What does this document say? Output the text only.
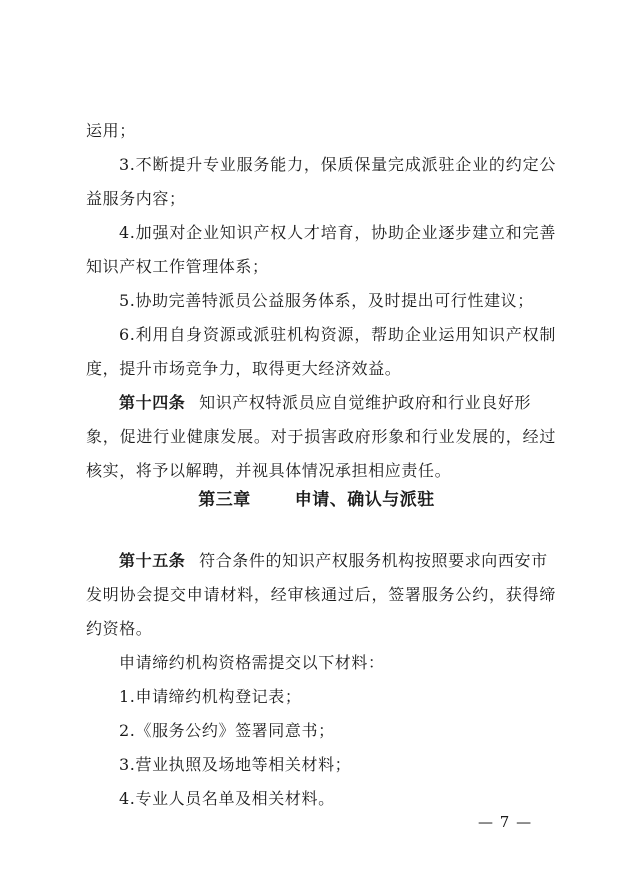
运用；
3.不断提升专业服务能力，保质保量完成派驻企业的约定公
益服务内容；
4.加强对企业知识产权人才培育，协助企业逐步建立和完善
知识产权工作管理体系；
5.协助完善特派员公益服务体系，及时提出可行性建议；
6.利用自身资源或派驻机构资源，帮助企业运用知识产权制
度，提升市场竞争力，取得更大经济效益。
第十四条 知识产权特派员应自觉维护政府和行业良好形
象，促进行业健康发展。对于损害政府形象和行业发展的，经过
核实，将予以解聘，并视具体情况承担相应责任。
第三章	申请、确认与派驻
第十五条 符合条件的知识产权服务机构按照要求向西安市
发明协会提交申请材料，经审核通过后，签署服务公约，获得缔
约资格。
申请缔约机构资格需提交以下材料：
1.申请缔约机构登记表；
2.《服务公约》签署同意书；
3.营业执照及场地等相关材料；
4.专业人员名单及相关材料。
— 7 —
